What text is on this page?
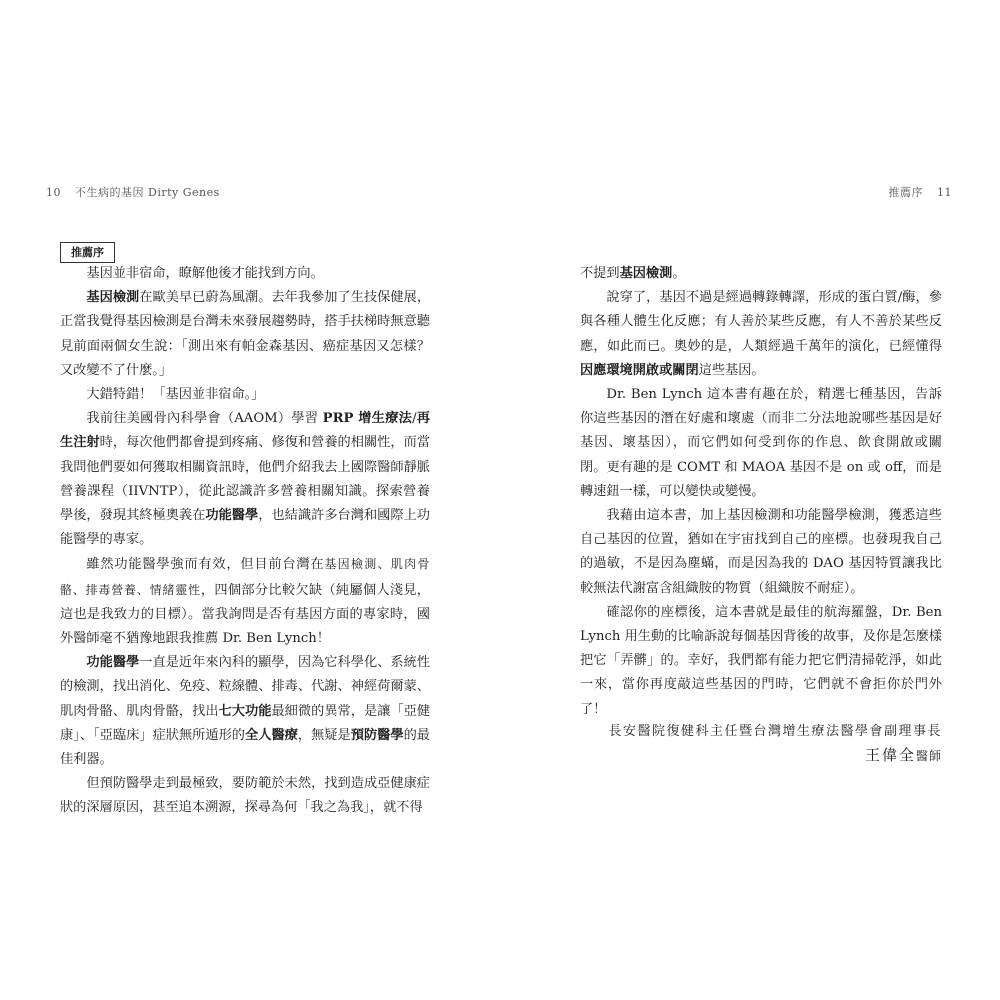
10 不生病的基因 Dirty Genes
推薦序

基因並非宿命，瞭解他後才能找到方向。

基因檢測在歐美早已蔚為風潮。去年我參加了生技保健展，正當我覺得基因檢測是台灣未來發展趨勢時，搭手扶梯時無意聽見前面兩個女生說：「測出來有帕金森基因、癌症基因又怎樣？又改變不了什麼。」

大錯特錯！「基因並非宿命。」

我前往美國骨內科學會（AAOM）學習 PRP 增生療法/再生注射時，每次他們都會提到疼痛、修復和營養的相關性，而當我問他們要如何獲取相關資訊時，他們介紹我去上國際醫師靜脈營養課程（IIVNTP），從此認識許多營養相關知識。探索營養學後，發現其終極奧義在功能醫學，也結識許多台灣和國際上功能醫學的專家。

雖然功能醫學強而有效，但目前台灣在基因檢測、肌肉骨骼、排毒營養、情緒靈性，四個部分比較欠缺（純屬個人淺見，這也是我致力的目標）。當我詢問是否有基因方面的專家時，國外醫師毫不猶豫地跟我推薦 Dr. Ben Lynch！

功能醫學一直是近年來內科的顯學，因為它科學化、系統性的檢測，找出消化、免疫、粒線體、排毒、代謝、神經荷爾蒙、肌肉骨骼、肌肉骨骼，找出七大功能最細微的異常，是讓「亞健康」、「亞臨床」症狀無所遁形的全人醫療，無疑是預防醫學的最佳利器。

但預防醫學走到最極致，要防範於未然，找到造成亞健康症狀的深層原因，甚至追本溯源，探尋為何「我之為我」，就不得

推薦序 11

不提到基因檢測。

說穿了，基因不過是經過轉錄轉譯，形成的蛋白質/酶，參與各種人體生化反應；有人善於某些反應，有人不善於某些反應，如此而已。奧妙的是，人類經過千萬年的演化，已經懂得因應環境開啟或關閉這些基因。

Dr. Ben Lynch 這本書有趣在於，精選七種基因，告訴你這些基因的潛在好處和壞處（而非二分法地說哪些基因是好基因、壞基因），而它們如何受到你的作息、飲食開啟或關閉。更有趣的是 COMT 和 MAOA 基因不是 on 或 off，而是轉速鈕一樣，可以變快或變慢。

我藉由這本書，加上基因檢測和功能醫學檢測，獲悉這些自己基因的位置，猶如在宇宙找到自己的座標。也發現我自己的過敏，不是因為塵蟎，而是因為我的 DAO 基因特質讓我比較無法代謝富含組織胺的物質（組織胺不耐症）。

確認你的座標後，這本書就是最佳的航海羅盤，Dr. Ben Lynch 用生動的比喻訴說每個基因背後的故事，及你是怎麼樣把它「弄髒」的。幸好，我們都有能力把它們清掃乾淨，如此一來，當你再度敲這些基因的門時，它們就不會拒你於門外了！

長安醫院復健科主任暨台灣增生療法醫學會副理事長
王偉全醫師
